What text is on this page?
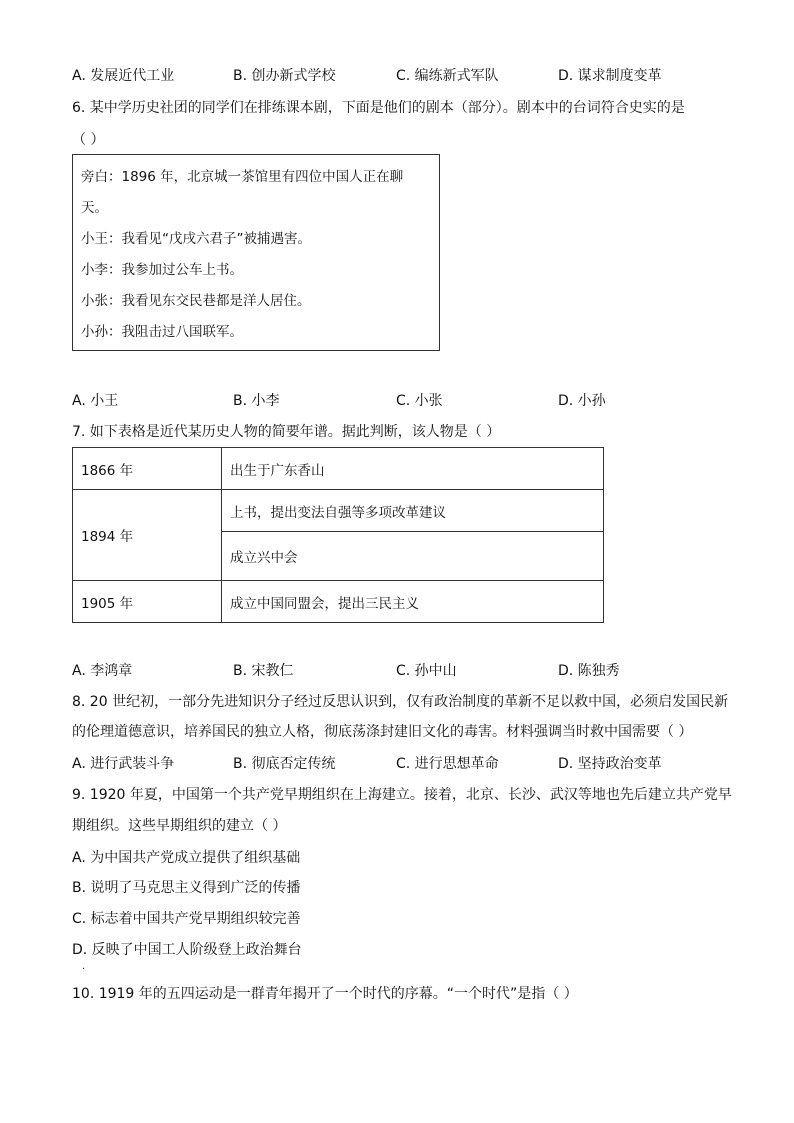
A. 发展近代工业	B. 创办新式学校	C. 编练新式军队	D. 谋求制度变革
6. 某中学历史社团的同学们在排练课本剧，下面是他们的剧本（部分）。剧本中的台词符合史实的是
（ ）
旁白：1896 年，北京城一茶馆里有四位中国人正在聊
天。
小王：我看见“戊戌六君子”被捕遇害。
小李：我参加过公车上书。
小张：我看见东交民巷都是洋人居住。
小孙：我阻击过八国联军。
A. 小王	B. 小李	C. 小张	D. 小孙
7. 如下表格是近代某历史人物的简要年谱。据此判断，该人物是（ ）
1866 年	出生于广东香山
1894 年	上书，提出变法自强等多项改革建议
	成立兴中会
1905 年	成立中国同盟会，提出三民主义
A. 李鸿章	B. 宋教仁	C. 孙中山	D. 陈独秀
8. 20 世纪初，一部分先进知识分子经过反思认识到，仅有政治制度的革新不足以救中国，必须启发国民新
的伦理道德意识，培养国民的独立人格，彻底荡涤封建旧文化的毒害。材料强调当时救中国需要（ ）
A. 进行武装斗争	B. 彻底否定传统	C. 进行思想革命	D. 坚持政治变革
9. 1920 年夏，中国第一个共产党早期组织在上海建立。接着，北京、长沙、武汉等地也先后建立共产党早
期组织。这些早期组织的建立（ ）
A. 为中国共产党成立提供了组织基础
B. 说明了马克思主义得到广泛的传播
C. 标志着中国共产党早期组织较完善
D. 反映了中国工人阶级登上政治舞台
.
10. 1919 年的五四运动是一群青年揭开了一个时代的序幕。“一个时代”是指（ ）
